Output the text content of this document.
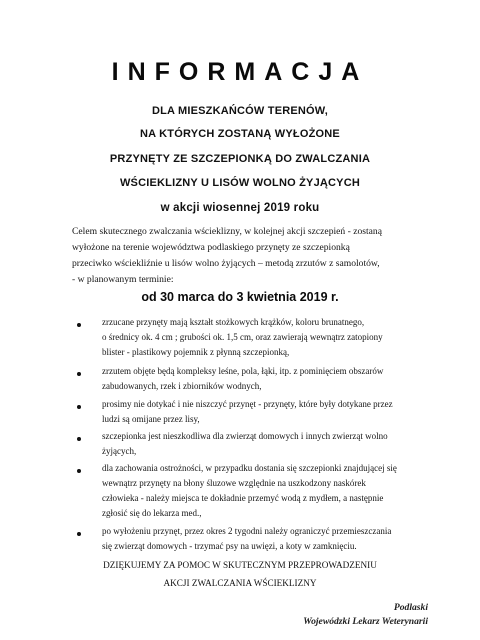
INFORMACJA
DLA MIESZKAŃCÓW TERENÓW,
NA KTÓRYCH ZOSTANĄ WYŁOŻONE
PRZYNĘTY ZE SZCZEPIONKĄ DO ZWALCZANIA
WŚCIEKLIZNY U LISÓW WOLNO ŻYJĄCYCH
w akcji wiosennej 2019 roku
Celem skutecznego zwalczania wścieklizny, w kolejnej akcji szczepień - zostaną
wyłożone na terenie województwa podlaskiego przynęty ze szczepionką
przeciwko wściekliźnie u lisów wolno żyjących – metodą zrzutów z samolotów,
- w planowanym terminie:
od 30 marca do 3 kwietnia 2019 r.
zrzucane przynęty mają kształt stożkowych krążków, koloru brunatnego,
o średnicy ok. 4 cm ; grubości ok. 1,5 cm, oraz zawierają wewnątrz zatopiony
blister - plastikowy pojemnik z płynną szczepionką,
zrzutem objęte będą kompleksy leśne, pola, łąki, itp. z pominięciem obszarów
zabudowanych, rzek i zbiorników wodnych,
prosimy nie dotykać i nie niszczyć przynęt - przynęty, które były dotykane przez
ludzi są omijane przez lisy,
szczepionka jest nieszkodliwa dla zwierząt domowych i innych zwierząt wolno
żyjących,
dla zachowania ostrożności, w przypadku dostania się szczepionki znajdującej się
wewnątrz przynęty na błony śluzowe względnie na uszkodzony naskórek
człowieka - należy miejsca te dokładnie przemyć wodą z mydłem, a następnie
zgłosić się do lekarza med.,
po wyłożeniu przynęt, przez okres 2 tygodni należy ograniczyć przemieszczania
się zwierząt domowych - trzymać psy na uwięzi, a koty w zamknięciu.
DZIĘKUJEMY ZA POMOC W SKUTECZNYM PRZEPROWADZENIU
AKCJI ZWALCZANIA WŚCIEKLIZNY
Podlaski
Wojewódzki Lekarz Weterynarii
